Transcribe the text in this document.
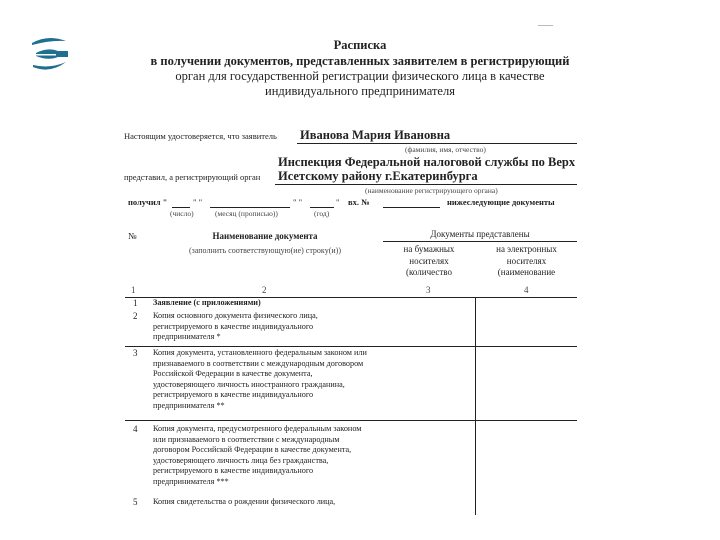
——
Расписка
в получении документов, представленных заявителем в регистрирующий
орган для государственной регистрации физического лица в качестве
индивидуального предпринимателя
Настоящим удостоверяется, что заявитель Иванова Мария Ивановна
(фамилия, имя, отчество)
Инспекция Федеральной налоговой службы по Верх
представил, а регистрирующий орган Исетскому району г.Екатеринбурга
(наименование регистрирующего органа)
получил "	" "	" "	" вх. №	нижеследующие документы
(число)	(месяц (прописью))	(год)
№	Наименование документа
(заполнить соответствующую(ие) строку(и))
Документы представлены
на бумажных
носителях
(количество
на электронных
носителях
(наименование
1	2	3	4
1 Заявление (с приложениями)
2 Копия основного документа физического лица, регистрируемого в качестве индивидуального предпринимателя *
3 Копия документа, установленного федеральным законом или признаваемого в соответствии с международным договором Российской Федерации в качестве документа, удостоверяющего личность иностранного гражданина, регистрируемого в качестве индивидуального предпринимателя **
4 Копия документа, предусмотренного федеральным законом или признаваемого в соответствии с международным договором Российской Федерации в качестве документа, удостоверяющего личность лица без гражданства, регистрируемого в качестве индивидуального предпринимателя ***
5 Копия свидетельства о рождении физического лица,
